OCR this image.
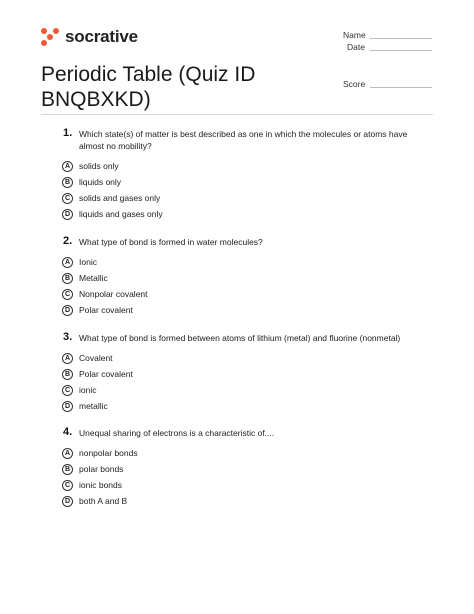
socrative	Name
Date
Score
Periodic Table (Quiz ID BNQBXKD)
1. Which state(s) of matter is best described as one in which the molecules or atoms have almost no mobility?
A	solids only
B	liquids only
C	solids and gases only
D	liquids and gases only
2. What type of bond is formed in water molecules?
A	Ionic
B	Metallic
C	Nonpolar covalent
D	Polar covalent
3. What type of bond is formed between atoms of lithium (metal) and fluorine (nonmetal)
A	Covalent
B	Polar covalent
C	ionic
D	metallic
4. Unequal sharing of electrons is a characteristic of....
A	nonpolar bonds
B	polar bonds
C	ionic bonds
D	both A and B
